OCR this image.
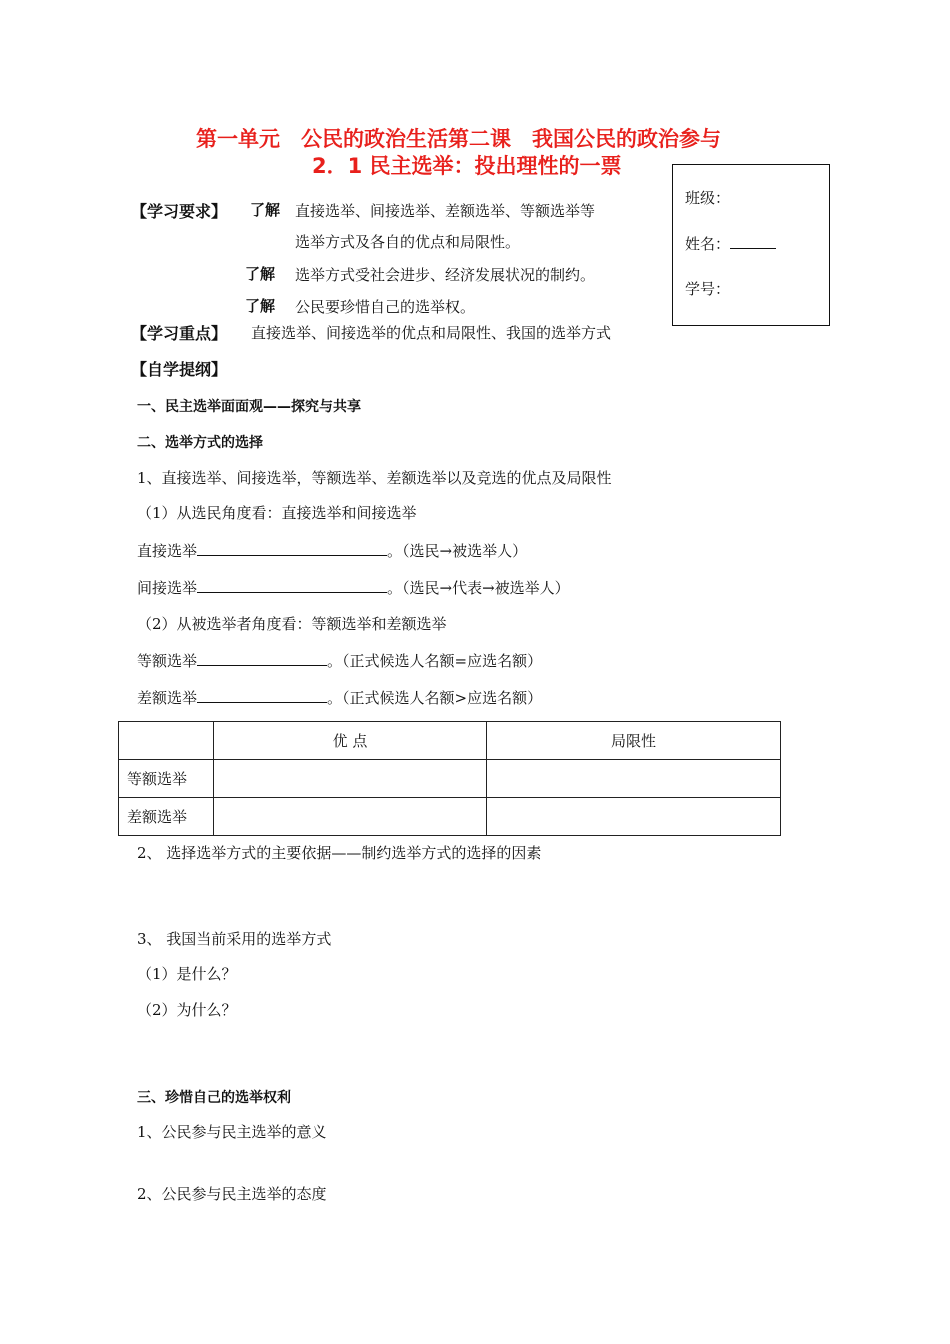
第一单元　公民的政治生活第二课　我国公民的政治参与
2．1 民主选举：投出理性的一票
班级：
姓名：
学号：
【学习要求】 了解 直接选举、间接选举、差额选举、等额选举等
选举方式及各自的优点和局限性。
了解 选举方式受社会进步、经济发展状况的制约。
了解 公民要珍惜自己的选举权。
【学习重点】 直接选举、间接选举的优点和局限性、我国的选举方式
【自学提纲】
一、民主选举面面观——探究与共享
二、选举方式的选择
1、直接选举、间接选举，等额选举、差额选举以及竞选的优点及局限性
（1）从选民角度看：直接选举和间接选举
直接选举	。（选民→被选举人）
间接选举	。（选民→代表→被选举人）
（2）从被选举者角度看：等额选举和差额选举
等额选举	。（正式候选人名额=应选名额）
差额选举	。（正式候选人名额>应选名额）
	优 点	局限性
等额选举		
差额选举		
2、 选择选举方式的主要依据——制约选举方式的选择的因素
3、 我国当前采用的选举方式
（1）是什么？
（2）为什么？
三、珍惜自己的选举权利
1、公民参与民主选举的意义
2、公民参与民主选举的态度
